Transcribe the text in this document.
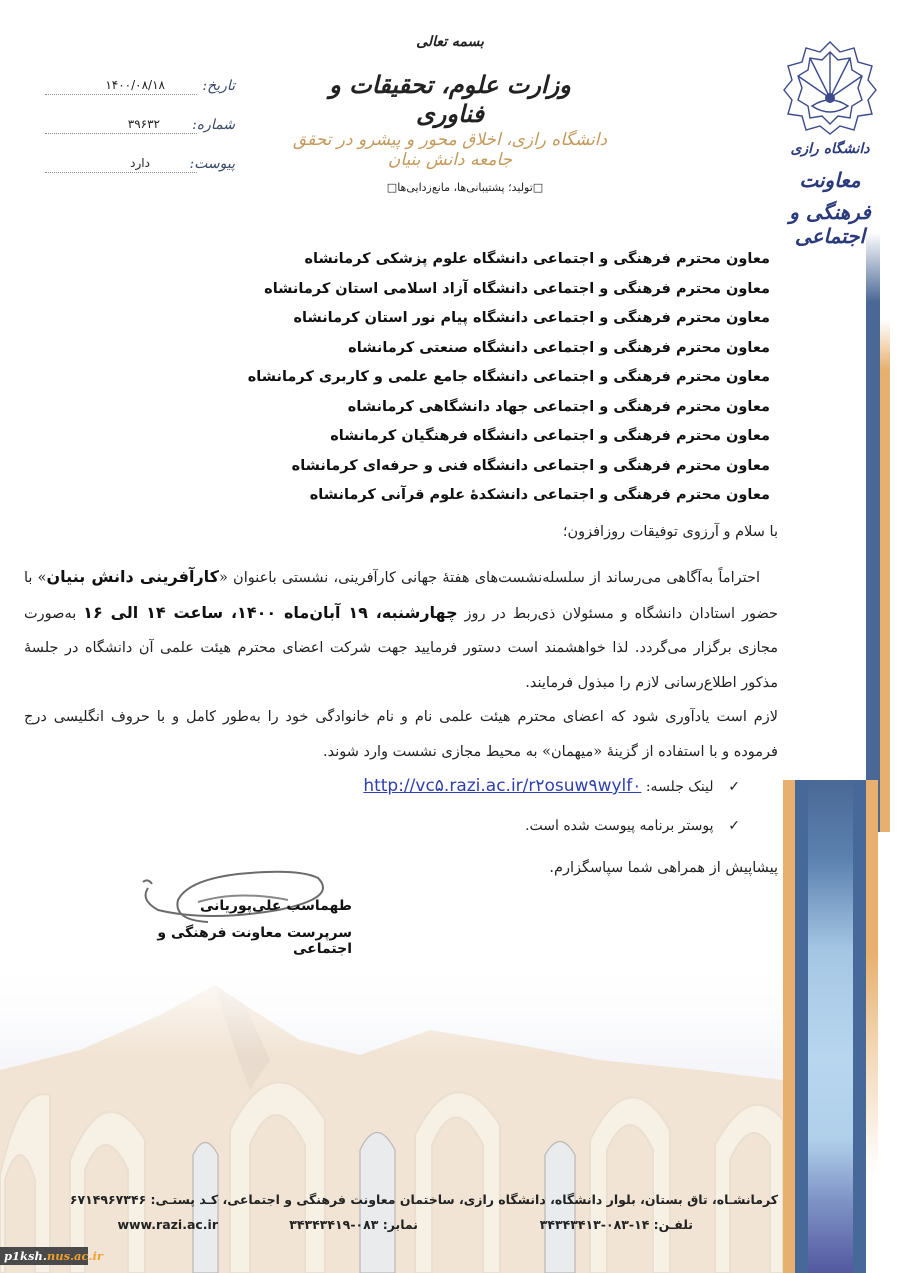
تاریخ:
۱۴۰۰/۰۸/۱۸
شماره:
۳۹۶۳۲
پیوست:
دارد
بسمه تعالی
وزارت علوم، تحقیقات و فناوری
دانشگاه رازی، اخلاق محور و پیشرو در تحقق جامعه دانش بنیان
□تولید؛ پشتیبانی‌ها، مانع‌زدایی‌ها□
دانشگاه رازی
معاونت
فرهنگی و اجتماعی
معاون محترم فرهنگی و اجتماعی دانشگاه علوم پزشکی کرمانشاه
معاون محترم فرهنگی و اجتماعی دانشگاه آزاد اسلامی استان کرمانشاه
معاون محترم فرهنگی و اجتماعی دانشگاه پیام نور استان کرمانشاه
معاون محترم فرهنگی و اجتماعی دانشگاه صنعتی کرمانشاه
معاون محترم فرهنگی و اجتماعی دانشگاه جامع علمی و کاربری کرمانشاه
معاون محترم فرهنگی و اجتماعی جهاد دانشگاهی کرمانشاه
معاون محترم فرهنگی و اجتماعی دانشگاه فرهنگیان کرمانشاه
معاون محترم فرهنگی و اجتماعی دانشگاه فنی و حرفه‌ای کرمانشاه
معاون محترم فرهنگی و اجتماعی دانشکدهٔ علوم قرآنی کرمانشاه
با سلام و آرزوی توفیقات روزافزون؛

احتراماً به‌آگاهی می‌رساند از سلسله‌نشست‌های هفتهٔ جهانی کارآفرینی، نشستی باعنوان «کارآفرینی دانش بنیان» با حضور استادان دانشگاه و مسئولان ذی‌ربط در روز چهارشنبه، ۱۹ آبان‌ماه ۱۴۰۰، ساعت ۱۴ الی ۱۶ به‌صورت مجازی برگزار می‌گردد. لذا خواهشمند است دستور فرمایید جهت شرکت اعضای محترم هیئت علمی آن دانشگاه در جلسهٔ مذکور اطلاع‌رسانی لازم را مبذول فرمایند.

لازم است یادآوری شود که اعضای محترم هیئت علمی نام و نام خانوادگی خود را به‌طور کامل و با حروف انگلیسی درج فرموده و با استفاده از گزینهٔ «میهمان» به محیط مجازی نشست وارد شوند.

✓ لینک جلسه: http://vc۵.razi.ac.ir/r۲osuw۹wylf۰
✓ پوستر برنامه پیوست شده است.
پیشاپیش از همراهی شما سپاسگزارم.
طهماسب علی‌پوریانی
سرپرست معاونت فرهنگی و اجتماعی
کرمانشـاه، تاق بستان، بلوار دانشگاه، دانشگاه رازی، ساختمان معاونت فرهنگی و اجتماعی، کـد پستـی: ۶۷۱۴۹۶۷۳۴۶
تلفـن: ۱۴-۰۸۳-۳۴۳۴۳۴۱۳
نمابر: ۰۸۳-۳۴۳۴۳۴۱۹
www.razi.ac.ir
p1ksh.nus.ac.ir
